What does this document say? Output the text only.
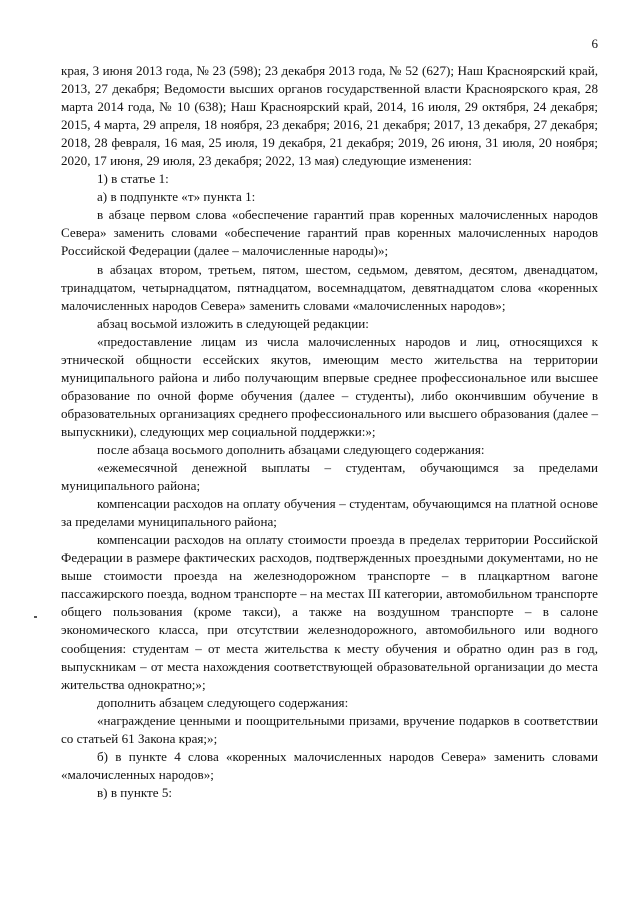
6

края, 3 июня 2013 года, № 23 (598); 23 декабря 2013 года, № 52 (627); Наш Красноярский край, 2013, 27 декабря; Ведомости высших органов государственной власти Красноярского края, 28 марта 2014 года, № 10 (638); Наш Красноярский край, 2014, 16 июля, 29 октября, 24 декабря; 2015, 4 марта, 29 апреля, 18 ноября, 23 декабря; 2016, 21 декабря; 2017, 13 декабря, 27 декабря; 2018, 28 февраля, 16 мая, 25 июля, 19 декабря, 21 декабря; 2019, 26 июня, 31 июля, 20 ноября; 2020, 17 июня, 29 июля, 23 декабря; 2022, 13 мая) следующие изменения:

1) в статье 1:

а) в подпункте «т» пункта 1:

в абзаце первом слова «обеспечение гарантий прав коренных малочисленных народов Севера» заменить словами «обеспечение гарантий прав коренных малочисленных народов Российской Федерации (далее – малочисленные народы)»;

в абзацах втором, третьем, пятом, шестом, седьмом, девятом, десятом, двенадцатом, тринадцатом, четырнадцатом, пятнадцатом, восемнадцатом, девятнадцатом слова «коренных малочисленных народов Севера» заменить словами «малочисленных народов»;

абзац восьмой изложить в следующей редакции:

«предоставление лицам из числа малочисленных народов и лиц, относящихся к этнической общности ессейских якутов, имеющим место жительства на территории муниципального района и либо получающим впервые среднее профессиональное или высшее образование по очной форме обучения (далее – студенты), либо окончившим обучение в образовательных организациях среднего профессионального или высшего образования (далее – выпускники), следующих мер социальной поддержки:»;

после абзаца восьмого дополнить абзацами следующего содержания:

«ежемесячной денежной выплаты – студентам, обучающимся за пределами муниципального района;

компенсации расходов на оплату обучения – студентам, обучающимся на платной основе за пределами муниципального района;

компенсации расходов на оплату стоимости проезда в пределах территории Российской Федерации в размере фактических расходов, подтвержденных проездными документами, но не выше стоимости проезда на железнодорожном транспорте – в плацкартном вагоне пассажирского поезда, водном транспорте – на местах III категории, автомобильном транспорте общего пользования (кроме такси), а также на воздушном транспорте – в салоне экономического класса, при отсутствии железнодорожного, автомобильного или водного сообщения: студентам – от места жительства к месту обучения и обратно один раз в год, выпускникам – от места нахождения соответствующей образовательной организации до места жительства однократно;»;

дополнить абзацем следующего содержания:

«награждение ценными и поощрительными призами, вручение подарков в соответствии со статьей 61 Закона края;»;

б) в пункте 4 слова «коренных малочисленных народов Севера» заменить словами «малочисленных народов»;

в) в пункте 5:
